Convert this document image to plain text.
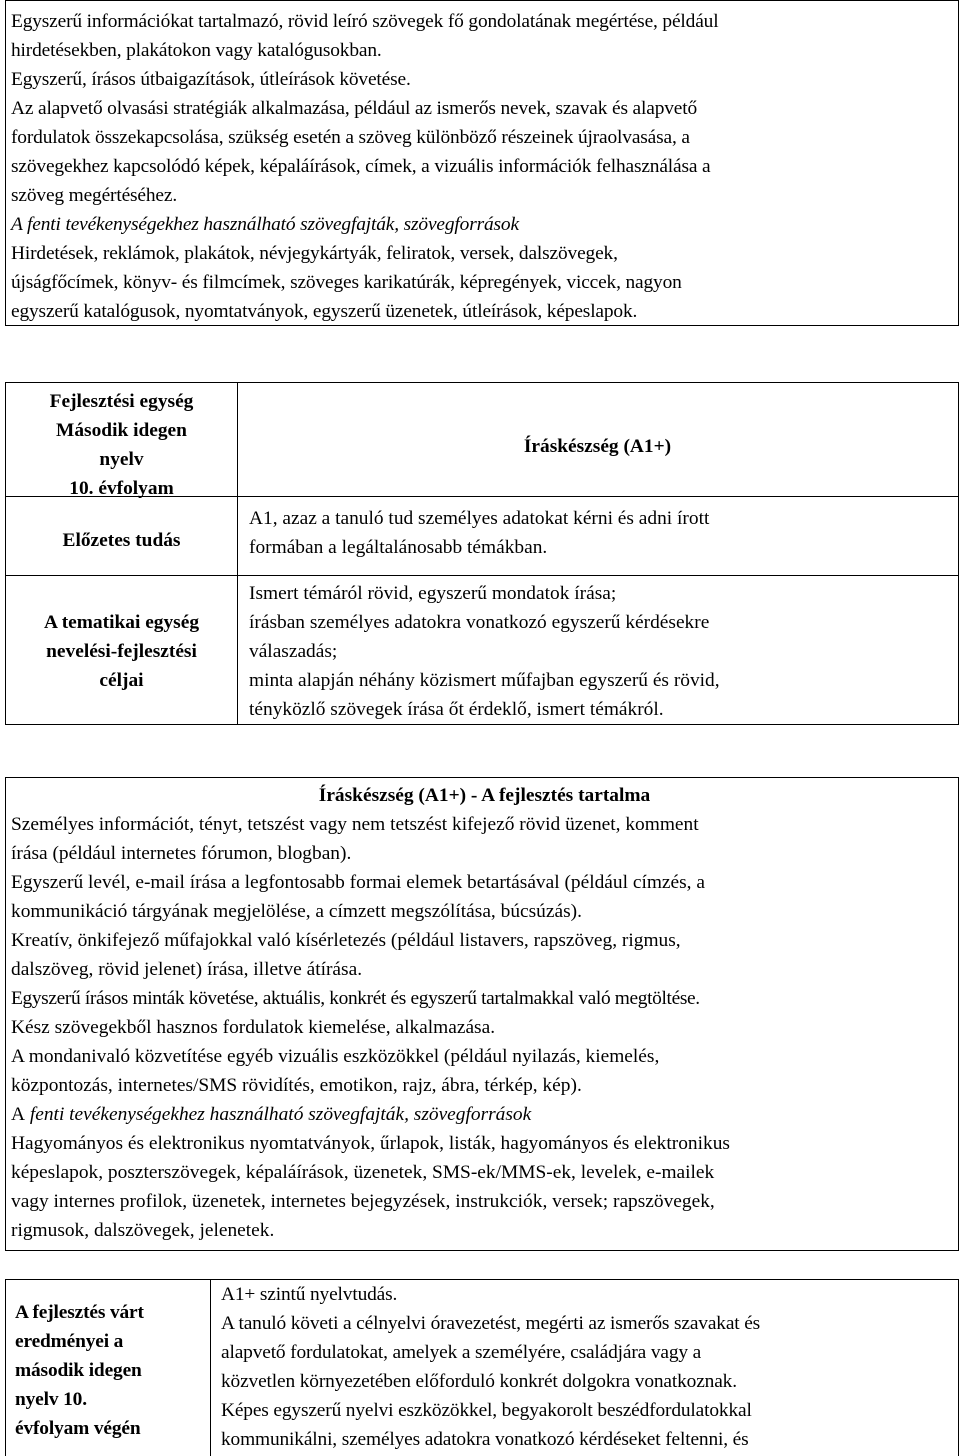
Egyszerű információkat tartalmazó, rövid leíró szövegek fő gondolatának megértése, például
hirdetésekben, plakátokon vagy katalógusokban.
Egyszerű, írásos útbaigazítások, útleírások követése.
Az alapvető olvasási stratégiák alkalmazása, például az ismerős nevek, szavak és alapvető
fordulatok összekapcsolása, szükség esetén a szöveg különböző részeinek újraolvasása, a
szövegekhez kapcsolódó képek, képaláírások, címek, a vizuális információk felhasználása a
szöveg megértéséhez.
A fenti tevékenységekhez használható szövegfajták, szövegforrások
Hirdetések, reklámok, plakátok, névjegykártyák, feliratok, versek, dalszövegek,
újságfőcímek, könyv- és filmcímek, szöveges karikatúrák, képregények, viccek, nagyon
egyszerű katalógusok, nyomtatványok, egyszerű üzenetek, útleírások, képeslapok.
Fejlesztési egység
Második idegen
nyelv
10. évfolyam
Íráskészség (A1+)
Előzetes tudás
A1, azaz a tanuló tud személyes adatokat kérni és adni írott
formában a legáltalánosabb témákban.
A tematikai egység
nevelési-fejlesztési
céljai
Ismert témáról rövid, egyszerű mondatok írása;
írásban személyes adatokra vonatkozó egyszerű kérdésekre
válaszadás;
minta alapján néhány közismert műfajban egyszerű és rövid,
tényközlő szövegek írása őt érdeklő, ismert témákról.
Íráskészség (A1+) - A fejlesztés tartalma
Személyes információt, tényt, tetszést vagy nem tetszést kifejező rövid üzenet, komment
írása (például internetes fórumon, blogban).
Egyszerű levél, e-mail írása a legfontosabb formai elemek betartásával (például címzés, a
kommunikáció tárgyának megjelölése, a címzett megszólítása, búcsúzás).
Kreatív, önkifejező műfajokkal való kísérletezés (például listavers, rapszöveg, rigmus,
dalszöveg, rövid jelenet) írása, illetve átírása.
Egyszerű írásos minták követése, aktuális, konkrét és egyszerű tartalmakkal való megtöltése.
Kész szövegekből hasznos fordulatok kiemelése, alkalmazása.
A mondanivaló közvetítése egyéb vizuális eszközökkel (például nyilazás, kiemelés,
központozás, internetes/SMS rövidítés, emotikon, rajz, ábra, térkép, kép).
A fenti tevékenységekhez használható szövegfajták, szövegforrások
Hagyományos és elektronikus nyomtatványok, űrlapok, listák, hagyományos és elektronikus
képeslapok, poszterszövegek, képaláírások, üzenetek, SMS-ek/MMS-ek, levelek, e-mailek
vagy internes profilok, üzenetek, internetes bejegyzések, instrukciók, versek; rapszövegek,
rigmusok, dalszövegek, jelenetek.
A fejlesztés várt
eredményei a
második idegen
nyelv 10.
évfolyam végén
A1+ szintű nyelvtudás.
A tanuló követi a célnyelvi óravezetést, megérti az ismerős szavakat és
alapvető fordulatokat, amelyek a személyére, családjára vagy a
közvetlen környezetében előforduló konkrét dolgokra vonatkoznak.
Képes egyszerű nyelvi eszközökkel, begyakorolt beszédfordulatokkal
kommunikálni, személyes adatokra vonatkozó kérdéseket feltenni, és
